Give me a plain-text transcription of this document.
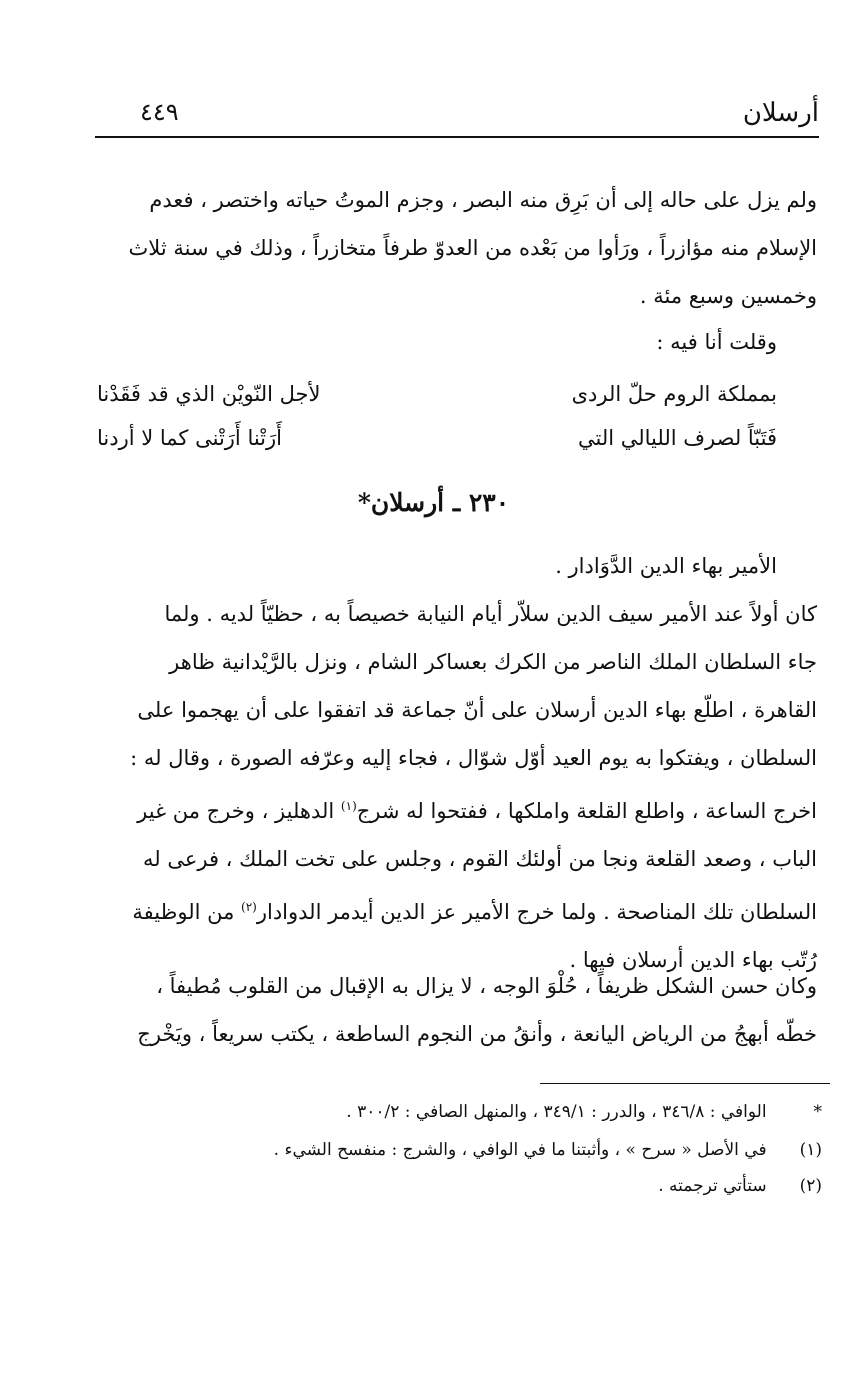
أرسلان
٤٤٩
ولم يزل على حاله إلى أن بَرِق منه البصر ، وجزم الموتُ حياته واختصر ، فعدم
الإسلام منه مؤازراً ، ورَأوا من بَعْده من العدوّ طرفاً متخازراً ، وذلك في سنة ثلاث
وخمسين وسبع مئة .
وقلت أنا فيه :
بمملكة الروم حلّ الردى
لأجل النّويْن الذي قد فَقَدْنا
فَتَبّاً لصرف الليالي التي
أَرَتْنا أَرَتْنى كما لا أردنا
٢٣٠ ـ أرسلان*
الأمير بهاء الدين الدَّوَادار .
كان أولاً عند الأمير سيف الدين سلاّر أيام النيابة خصيصاً به ، حظيّاً لديه . ولما
جاء السلطان الملك الناصر من الكرك بعساكر الشام ، ونزل بالرَّيْدانية ظاهر
القاهرة ، اطلّع بهاء الدين أرسلان على أنّ جماعة قد اتفقوا على أن يهجموا على
السلطان ، ويفتكوا به يوم العيد أوّل شوّال ، فجاء إليه وعرّفه الصورة ، وقال له :
اخرج الساعة ، واطلع القلعة واملكها ، ففتحوا له شرج$^{(١)}$ الدهليز ، وخرج من غير
الباب ، وصعد القلعة ونجا من أولئك القوم ، وجلس على تخت الملك ، فرعى له
السلطان تلك المناصحة . ولما خرج الأمير عز الدين أيدمر الدوادار$^{(٢)}$ من الوظيفة
رُتّب بهاء الدين أرسلان فيها .
وكان حسن الشكل ظريفاً ، حُلْوَ الوجه ، لا يزال به الإقبال من القلوب مُطيفاً ،
خطّه أبهجُ من الرياض اليانعة ، وأنقُ من النجوم الساطعة ، يكتب سريعاً ، ويَخْرج
* الوافي : ٣٤٦/٨ ، والدرر : ٣٤٩/١ ، والمنهل الصافي : ٣٠٠/٢ .
(١) في الأصل « سرح » ، وأثبتنا ما في الوافي ، والشرج : منفسح الشيء .
(٢) ستأتي ترجمته .
